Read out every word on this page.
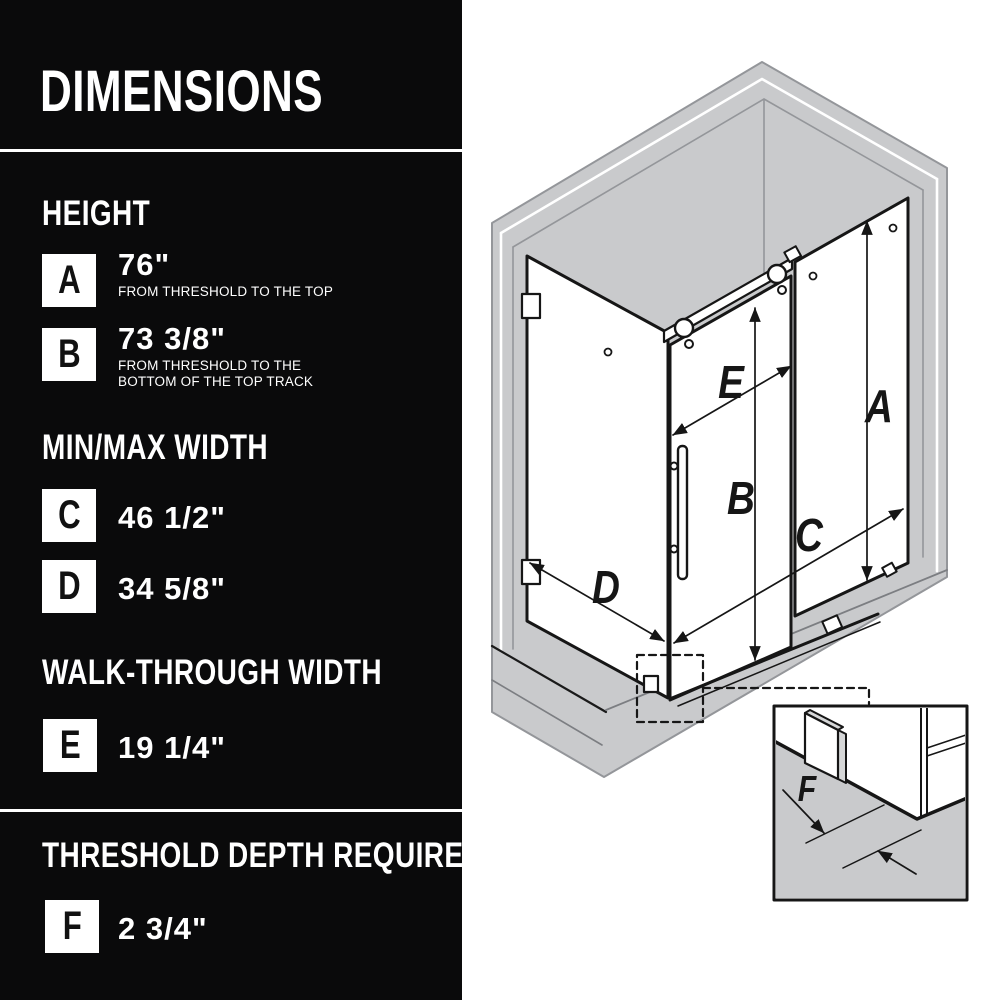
DIMENSIONS
HEIGHT
A 76"
FROM THRESHOLD TO THE TOP
B 73 3/8"
FROM THRESHOLD TO THE BOTTOM OF THE TOP TRACK
MIN/MAX WIDTH
C 46 1/2"
D 34 5/8"
WALK-THROUGH WIDTH
E 19 1/4"
THRESHOLD DEPTH REQUIRED
F 2 3/4"
A
B
C
D
E
F
